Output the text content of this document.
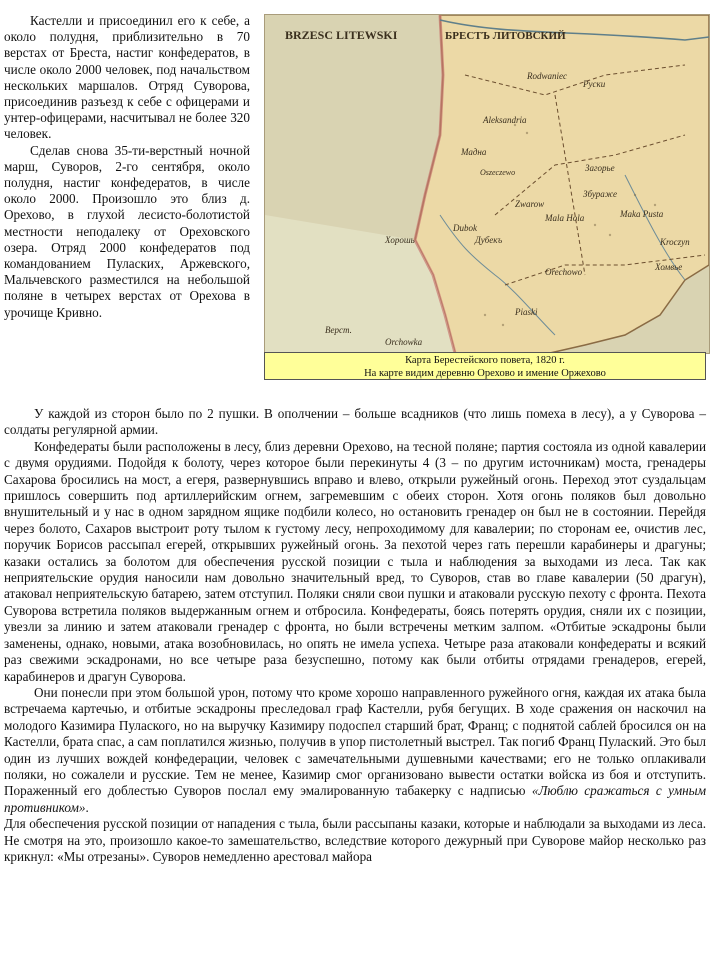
Кастелли и присоединил его к себе, а около полудня, приблизительно в 70 верстах от Бреста, настиг конфедератов, в числе около 2000 человек, под начальством нескольких маршалов. Отряд Суворова, присоединив разъезд к себе с офицерами и унтер-офицерами, насчитывал не более 320 человек.

Сделав снова 35-ти-верстный ночной марш, Суворов, 2-го сентября, около полудня, настиг конфедератов, в числе около 2000. Произошло это близ д. Орехово, в глухой лесисто-болотистой местности неподалеку от Ореховского озера. Отряд 2000 конфедератов под командованием Пуласких, Аржевского, Мальчевского разместился на небольшой поляне в четырех верстах от Орехова в урочище Кривно.

BRZESC LITEWSKI	БРЕСТЪ ЛИТОВСКИЙ
Rodwaniec
Руски
Aleksandria
Мадна
Загорье
Збураже
Zwarow
Mala Hola	Maka Pusta
Dubok
Дубекъ
Orechowo
Хорошь
Piaski
Верст.
Orchowka
Хомвье
Kroczyn
Oszeczewo
Карта Берестейского повета, 1820 г.
На карте видим деревню Орехово и имение Оржехово

У каждой из сторон было по 2 пушки. В ополчении – больше всадников (что лишь помеха в лесу), а у Суворова – солдаты регулярной армии.

Конфедераты были расположены в лесу, близ деревни Орехово, на тесной поляне; партия состояла из одной кавалерии с двумя орудиями. Подойдя к болоту, через которое были перекинуты 4 (3 – по другим источникам) моста, гренадеры Сахарова бросились на мост, а егеря, развернувшись вправо и влево, открыли ружейный огонь. Переход этот суздальцам пришлось совершить под артиллерийским огнем, загремевшим с обеих сторон. Хотя огонь поляков был довольно внушительный и у нас в одном зарядном ящике подбили колесо, но остановить гренадер он был не в состоянии. Перейдя через болото, Сахаров выстроит роту тылом к густому лесу, непроходимому для кавалерии; по сторонам ее, очистив лес, поручик Борисов рассыпал егерей, открывших ружейный огонь. За пехотой через гать перешли карабинеры и драгуны; казаки остались за болотом для обеспечения русской позиции с тыла и наблюдения за выходами из леса. Так как неприятельские орудия наносили нам довольно значительный вред, то Суворов, став во главе кавалерии (50 драгун), атаковал неприятельскую батарею, затем отступил. Поляки сняли свои пушки и атаковали русскую пехоту с фронта. Пехота Суворова встретила поляков выдержанным огнем и отбросила. Конфедераты, боясь потерять орудия, сняли их с позиции, увезли за линию и затем атаковали гренадер с фронта, но были встречены метким залпом. «Отбитые эскадроны были заменены, однако, новыми, атака возобновилась, но опять не имела успеха. Четыре раза атаковали конфедераты и всякий раз свежими эскадронами, но все четыре раза безуспешно, потому как были отбиты отрядами гренадеров, егерей, карабинеров и драгун Суворова.

Они понесли при этом большой урон, потому что кроме хорошо направленного ружейного огня, каждая их атака была встречаема картечью, и отбитые эскадроны преследовал граф Кастелли, рубя бегущих. В ходе сражения он наскочил на молодого Казимира Пулаского, но на выручку Казимиру подоспел старший брат, Франц; с поднятой саблей бросился он на Кастелли, брата спас, а сам поплатился жизнью, получив в упор пистолетный выстрел. Так погиб Франц Пулаский. Это был один из лучших вождей конфедерации, человек с замечательными душевными качествами; его не только оплакивали поляки, но сожалели и русские. Тем не менее, Казимир смог организовано вывести остатки войска из боя и отступить. Пораженный его доблестью Суворов послал ему эмалированную табакерку с надписью «Люблю сражаться с умным противником».

Для обеспечения русской позиции от нападения с тыла, были рассыпаны казаки, которые и наблюдали за выходами из леса. Не смотря на это, произошло какое-то замешательство, вследствие которого дежурный при Суворове майор несколько раз крикнул: «Мы отрезаны». Суворов немедленно арестовал майора
